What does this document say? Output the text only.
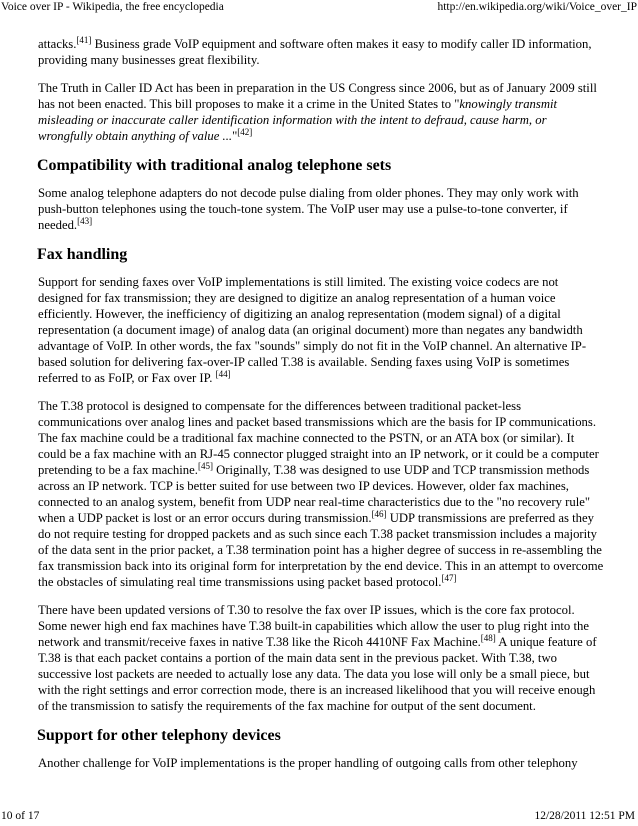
Voice over IP - Wikipedia, the free encyclopedia	http://en.wikipedia.org/wiki/Voice_over_IP

attacks.[41] Business grade VoIP equipment and software often makes it easy to modify caller ID information, providing many businesses great flexibility.

The Truth in Caller ID Act has been in preparation in the US Congress since 2006, but as of January 2009 still has not been enacted. This bill proposes to make it a crime in the United States to "knowingly transmit misleading or inaccurate caller identification information with the intent to defraud, cause harm, or wrongfully obtain anything of value ..."[42]

Compatibility with traditional analog telephone sets

Some analog telephone adapters do not decode pulse dialing from older phones. They may only work with push-button telephones using the touch-tone system. The VoIP user may use a pulse-to-tone converter, if needed.[43]

Fax handling

Support for sending faxes over VoIP implementations is still limited. The existing voice codecs are not designed for fax transmission; they are designed to digitize an analog representation of a human voice efficiently. However, the inefficiency of digitizing an analog representation (modem signal) of a digital representation (a document image) of analog data (an original document) more than negates any bandwidth advantage of VoIP. In other words, the fax "sounds" simply do not fit in the VoIP channel. An alternative IP-based solution for delivering fax-over-IP called T.38 is available. Sending faxes using VoIP is sometimes referred to as FoIP, or Fax over IP. [44]

The T.38 protocol is designed to compensate for the differences between traditional packet-less communications over analog lines and packet based transmissions which are the basis for IP communications. The fax machine could be a traditional fax machine connected to the PSTN, or an ATA box (or similar). It could be a fax machine with an RJ-45 connector plugged straight into an IP network, or it could be a computer pretending to be a fax machine.[45] Originally, T.38 was designed to use UDP and TCP transmission methods across an IP network. TCP is better suited for use between two IP devices. However, older fax machines, connected to an analog system, benefit from UDP near real-time characteristics due to the "no recovery rule" when a UDP packet is lost or an error occurs during transmission.[46] UDP transmissions are preferred as they do not require testing for dropped packets and as such since each T.38 packet transmission includes a majority of the data sent in the prior packet, a T.38 termination point has a higher degree of success in re-assembling the fax transmission back into its original form for interpretation by the end device. This in an attempt to overcome the obstacles of simulating real time transmissions using packet based protocol.[47]

There have been updated versions of T.30 to resolve the fax over IP issues, which is the core fax protocol. Some newer high end fax machines have T.38 built-in capabilities which allow the user to plug right into the network and transmit/receive faxes in native T.38 like the Ricoh 4410NF Fax Machine.[48] A unique feature of T.38 is that each packet contains a portion of the main data sent in the previous packet. With T.38, two successive lost packets are needed to actually lose any data. The data you lose will only be a small piece, but with the right settings and error correction mode, there is an increased likelihood that you will receive enough of the transmission to satisfy the requirements of the fax machine for output of the sent document.

Support for other telephony devices

Another challenge for VoIP implementations is the proper handling of outgoing calls from other telephony

10 of 17	12/28/2011 12:51 PM
